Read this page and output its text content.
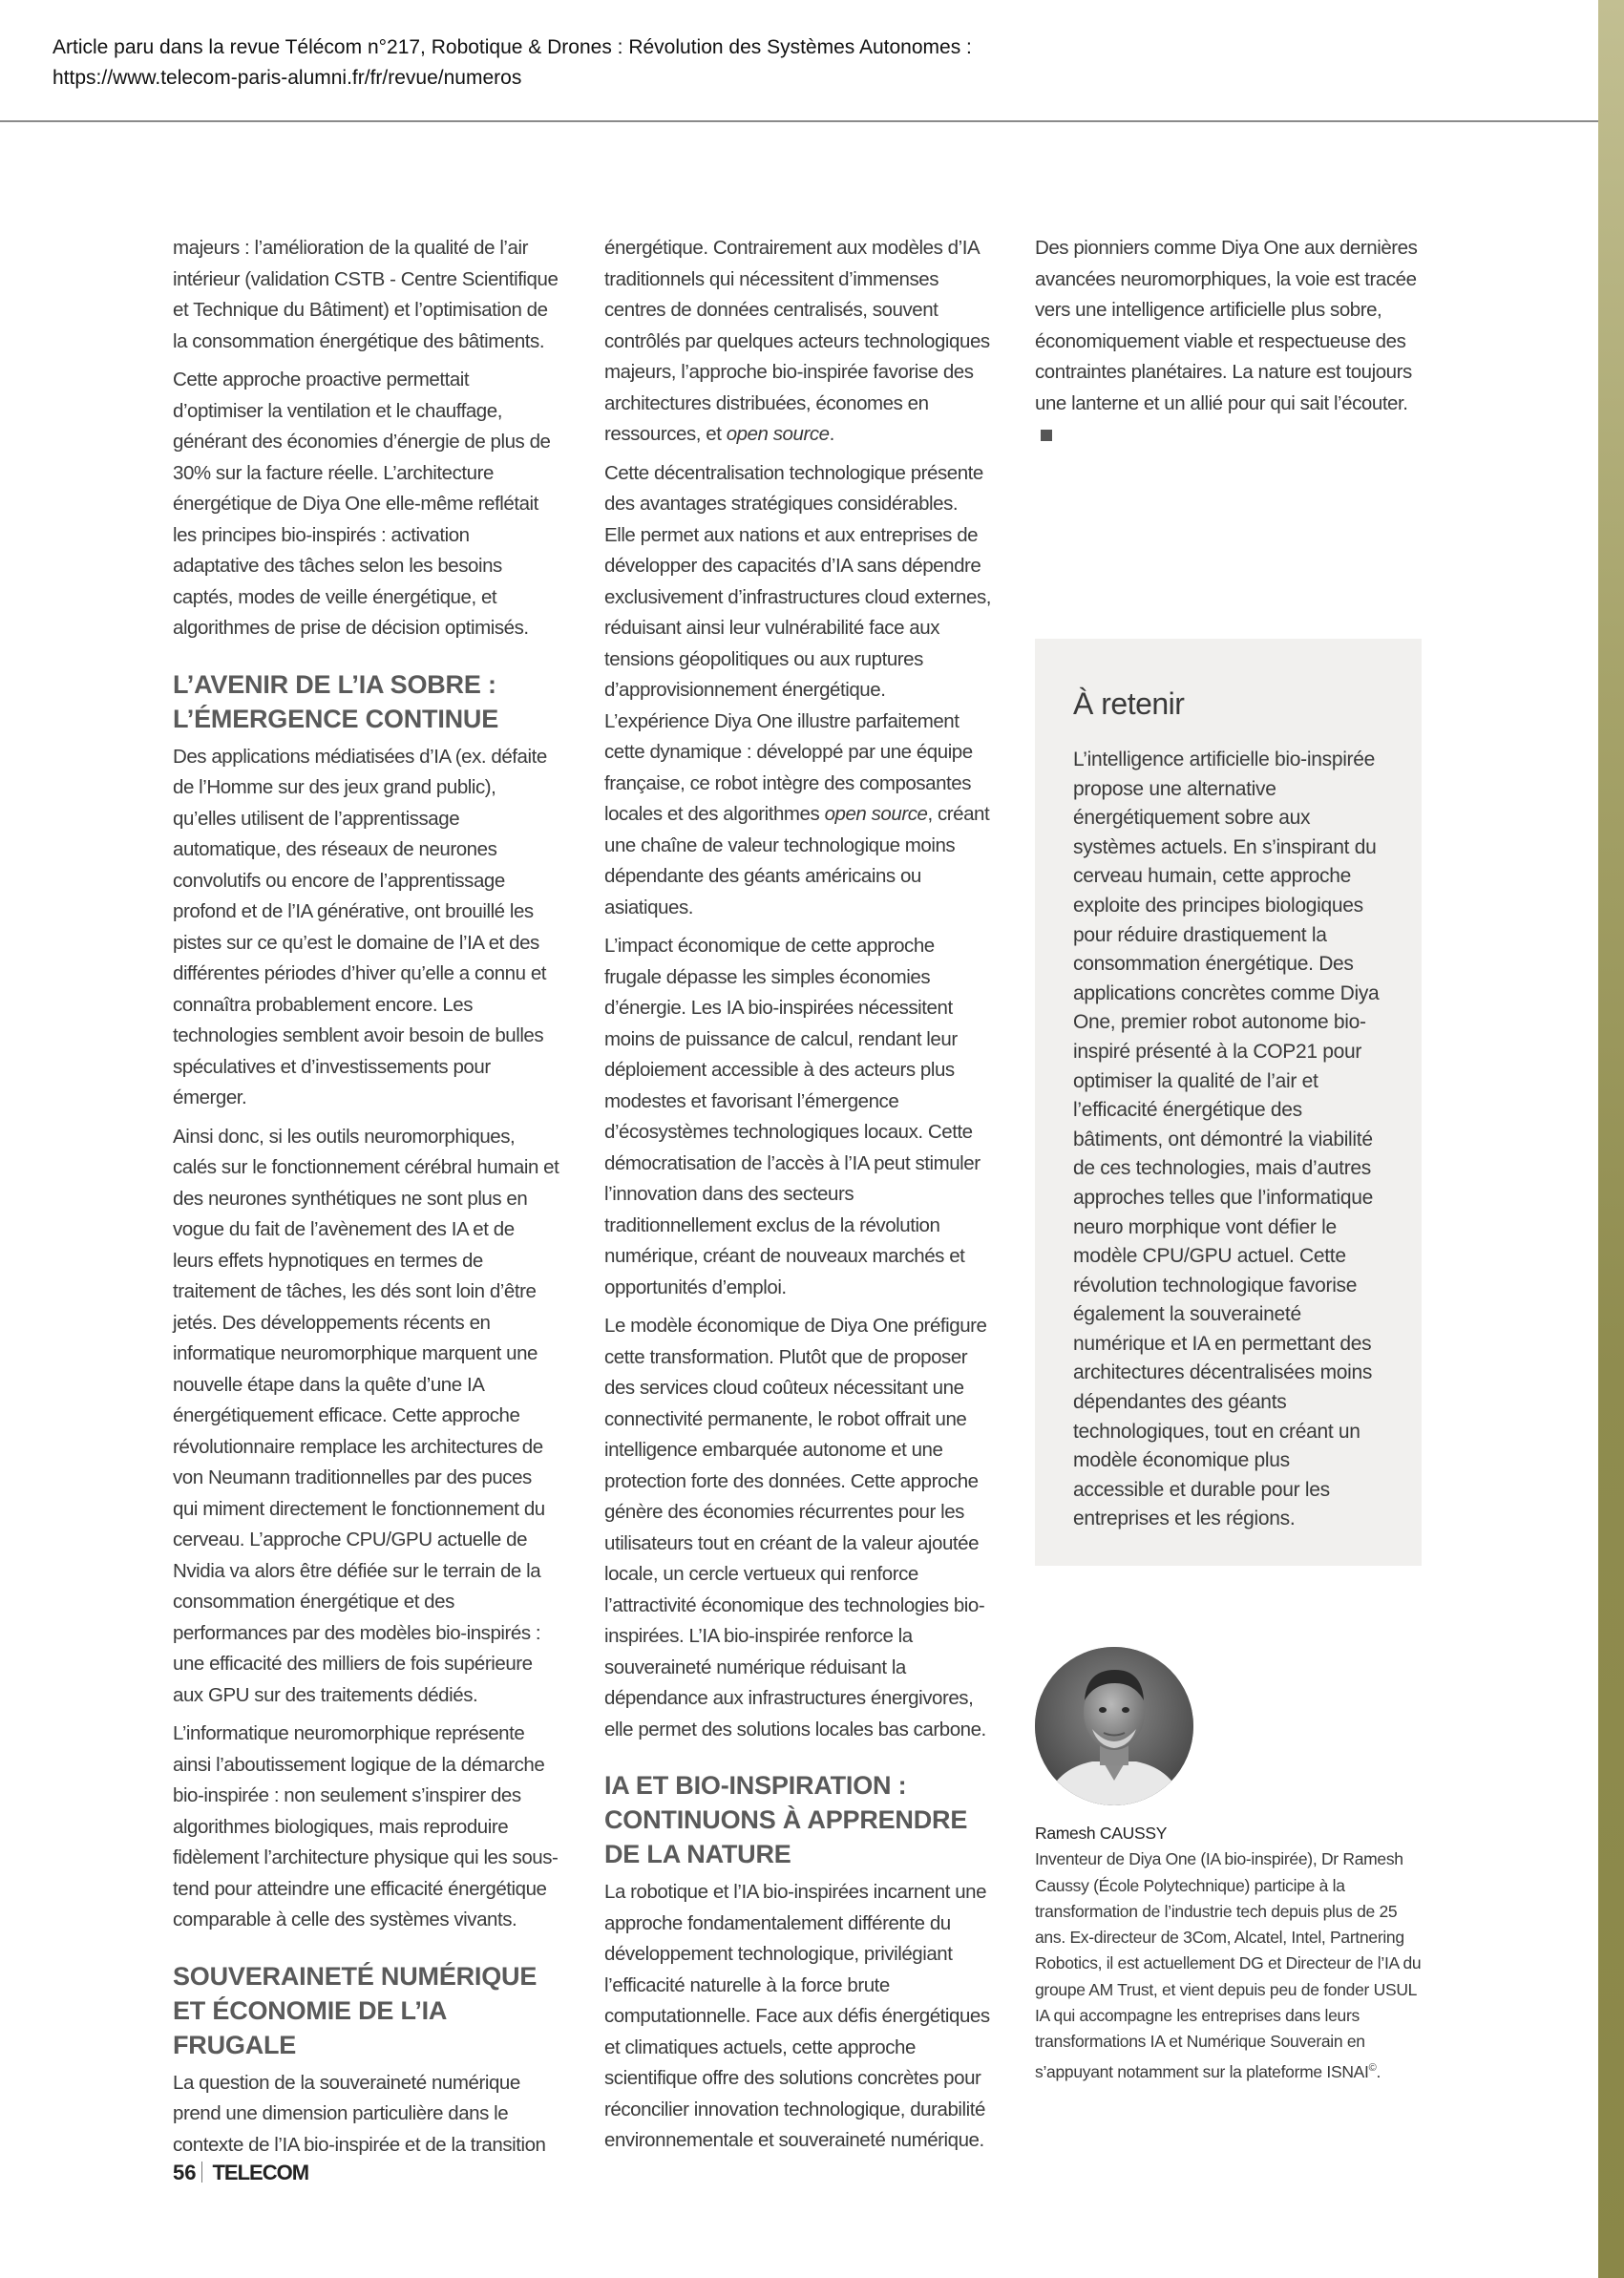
Article paru dans la revue Télécom n°217, Robotique & Drones : Révolution des Systèmes Autonomes :
https://www.telecom-paris-alumni.fr/fr/revue/numeros

majeurs : l’amélioration de la qualité de l’air intérieur (validation CSTB - Centre Scientifique et Technique du Bâtiment) et l’optimisation de la consommation énergétique des bâtiments.

Cette approche proactive permettait d’optimiser la ventilation et le chauffage, générant des économies d’énergie de plus de 30% sur la facture réelle. L’architecture énergétique de Diya One elle-même reflétait les principes bio-inspirés : activation adaptative des tâches selon les besoins captés, modes de veille énergétique, et algorithmes de prise de décision optimisés.

L’AVENIR DE L’IA SOBRE : L’ÉMERGENCE CONTINUE

Des applications médiatisées d’IA (ex. défaite de l’Homme sur des jeux grand public), qu’elles utilisent de l’apprentissage automatique, des réseaux de neurones convolutifs ou encore de l’apprentissage profond et de l’IA générative, ont brouillé les pistes sur ce qu’est le domaine de l’IA et des différentes périodes d’hiver qu’elle a connu et connaîtra probablement encore. Les technologies semblent avoir besoin de bulles spéculatives et d’investissements pour émerger.

Ainsi donc, si les outils neuromorphiques, calés sur le fonctionnement cérébral humain et des neurones synthétiques ne sont plus en vogue du fait de l’avènement des IA et de leurs effets hypnotiques en termes de traitement de tâches, les dés sont loin d’être jetés. Des développements récents en informatique neuromorphique marquent une nouvelle étape dans la quête d’une IA énergétiquement efficace. Cette approche révolutionnaire remplace les architectures de von Neumann traditionnelles par des puces qui miment directement le fonctionnement du cerveau. L’approche CPU/GPU actuelle de Nvidia va alors être défiée sur le terrain de la consommation énergétique et des performances par des modèles bio-inspirés : une efficacité des milliers de fois supérieure aux GPU sur des traitements dédiés.

L’informatique neuromorphique représente ainsi l’aboutissement logique de la démarche bio-inspirée : non seulement s’inspirer des algorithmes biologiques, mais reproduire fidèlement l’architecture physique qui les sous-tend pour atteindre une efficacité énergétique comparable à celle des systèmes vivants.

SOUVERAINETÉ NUMÉRIQUE ET ÉCONOMIE DE L’IA FRUGALE

La question de la souveraineté numérique prend une dimension particulière dans le contexte de l’IA bio-inspirée et de la transition

énergétique. Contrairement aux modèles d’IA traditionnels qui nécessitent d’immenses centres de données centralisés, souvent contrôlés par quelques acteurs technologiques majeurs, l’approche bio-inspirée favorise des architectures distribuées, économes en ressources, et open source.

Cette décentralisation technologique présente des avantages stratégiques considérables. Elle permet aux nations et aux entreprises de développer des capacités d’IA sans dépendre exclusivement d’infrastructures cloud externes, réduisant ainsi leur vulnérabilité face aux tensions géopolitiques ou aux ruptures d’approvisionnement énergétique. L’expérience Diya One illustre parfaitement cette dynamique : développé par une équipe française, ce robot intègre des composantes locales et des algorithmes open source, créant une chaîne de valeur technologique moins dépendante des géants américains ou asiatiques.

L’impact économique de cette approche frugale dépasse les simples économies d’énergie. Les IA bio-inspirées nécessitent moins de puissance de calcul, rendant leur déploiement accessible à des acteurs plus modestes et favorisant l’émergence d’écosystèmes technologiques locaux. Cette démocratisation de l’accès à l’IA peut stimuler l’innovation dans des secteurs traditionnellement exclus de la révolution numérique, créant de nouveaux marchés et opportunités d’emploi.

Le modèle économique de Diya One préfigure cette transformation. Plutôt que de proposer des services cloud coûteux nécessitant une connectivité permanente, le robot offrait une intelligence embarquée autonome et une protection forte des données. Cette approche génère des économies récurrentes pour les utilisateurs tout en créant de la valeur ajoutée locale, un cercle vertueux qui renforce l’attractivité économique des technologies bio-inspirées. L’IA bio-inspirée renforce la souveraineté numérique réduisant la dépendance aux infrastructures énergivores, elle permet des solutions locales bas carbone.

IA ET BIO-INSPIRATION : CONTINUONS À APPRENDRE DE LA NATURE

La robotique et l’IA bio-inspirées incarnent une approche fondamentalement différente du développement technologique, privilégiant l’efficacité naturelle à la force brute computationnelle. Face aux défis énergétiques et climatiques actuels, cette approche scientifique offre des solutions concrètes pour réconcilier innovation technologique, durabilité environnementale et souveraineté numérique.

Des pionniers comme Diya One aux dernières avancées neuromorphiques, la voie est tracée vers une intelligence artificielle plus sobre, économiquement viable et respectueuse des contraintes planétaires. La nature est toujours une lanterne et un allié pour qui sait l’écouter.

À retenir

L’intelligence artificielle bio-inspirée propose une alternative énergétiquement sobre aux systèmes actuels. En s’inspirant du cerveau humain, cette approche exploite des principes biologiques pour réduire drastiquement la consommation énergétique. Des applications concrètes comme Diya One, premier robot autonome bio-inspiré présenté à la COP21 pour optimiser la qualité de l’air et l’efficacité énergétique des bâtiments, ont démontré la viabilité de ces technologies, mais d’autres approches telles que l’informatique neuro morphique vont défier le modèle CPU/GPU actuel. Cette révolution technologique favorise également la souveraineté numérique et IA en permettant des architectures décentralisées moins dépendantes des géants technologiques, tout en créant un modèle économique plus accessible et durable pour les entreprises et les régions.

Ramesh CAUSSY
Inventeur de Diya One (IA bio-inspirée), Dr Ramesh Caussy (École Polytechnique) participe à la transformation de l’industrie tech depuis plus de 25 ans. Ex-directeur de 3Com, Alcatel, Intel, Partnering Robotics, il est actuellement DG et Directeur de l’IA du groupe AM Trust, et vient depuis peu de fonder USUL IA qui accompagne les entreprises dans leurs transformations IA et Numérique Souverain en s’appuyant notamment sur la plateforme ISNAI©.
56 TELECOM
